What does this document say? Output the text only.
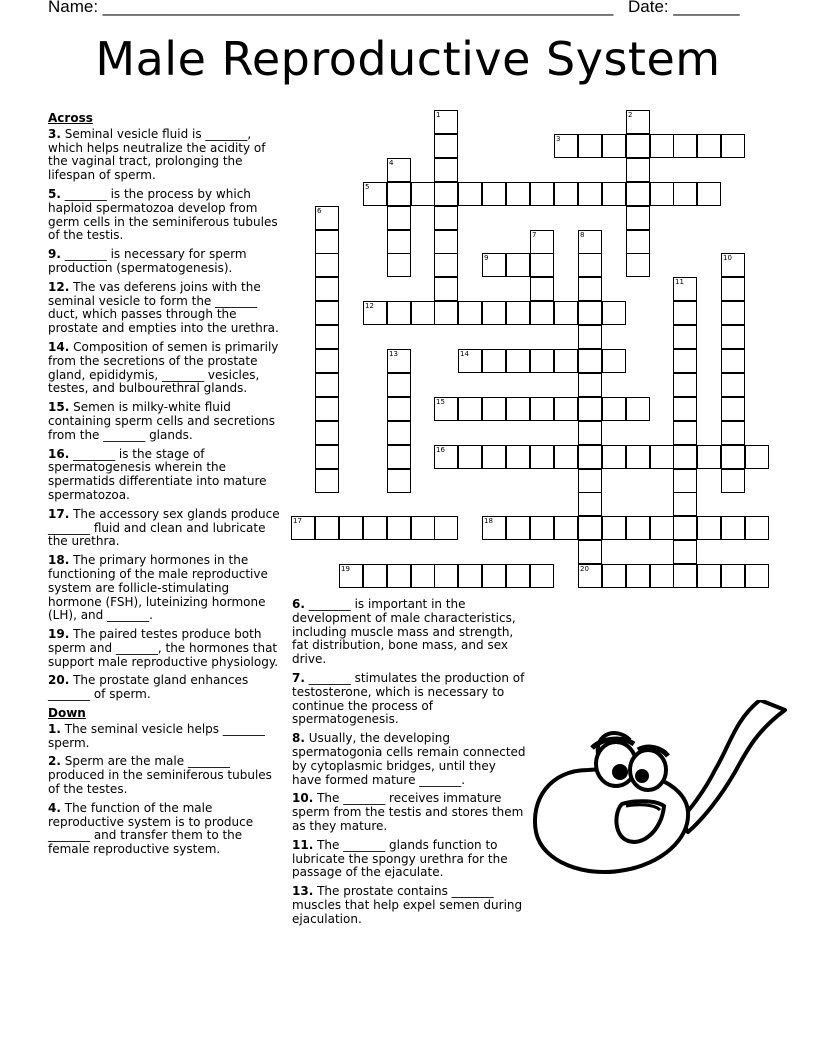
Name: ______________________________________________________ Date: _______
Male Reproductive System
Across
3. Seminal vesicle fluid is _______, which helps neutralize the acidity of the vaginal tract, prolonging the lifespan of sperm.
5. _______ is the process by which haploid spermatozoa develop from germ cells in the seminiferous tubules of the testis.
9. _______ is necessary for sperm production (spermatogenesis).
12. The vas deferens joins with the seminal vesicle to form the _______ duct, which passes through the prostate and empties into the urethra.
14. Composition of semen is primarily from the secretions of the prostate gland, epididymis, _______ vesicles, testes, and bulbourethral glands.
15. Semen is milky-white fluid containing sperm cells and secretions from the _______ glands.
16. _______ is the stage of spermatogenesis wherein the spermatids differentiate into mature spermatozoa.
17. The accessory sex glands produce _______ fluid and clean and lubricate the urethra.
18. The primary hormones in the functioning of the male reproductive system are follicle-stimulating hormone (FSH), luteinizing hormone (LH), and _______.
19. The paired testes produce both sperm and _______, the hormones that support male reproductive physiology.
20. The prostate gland enhances _______ of sperm.
Down
1. The seminal vesicle helps _______ sperm.
2. Sperm are the male _______ produced in the seminiferous tubules of the testes.
4. The function of the male reproductive system is to produce _______ and transfer them to the female reproductive system.
6. _______ is important in the development of male characteristics, including muscle mass and strength, fat distribution, bone mass, and sex drive.
7. _______ stimulates the production of testosterone, which is necessary to continue the process of spermatogenesis.
8. Usually, the developing spermatogonia cells remain connected by cytoplasmic bridges, until they have formed mature _______.
10. The _______ receives immature sperm from the testis and stores them as they mature.
11. The _______ glands function to lubricate the spongy urethra for the passage of the ejaculate.
13. The prostate contains _______ muscles that help expel semen during ejaculation.
1	2
3
4
5
6
7	8
20
9	10
11
12
13	14
15
16
17	18
19
